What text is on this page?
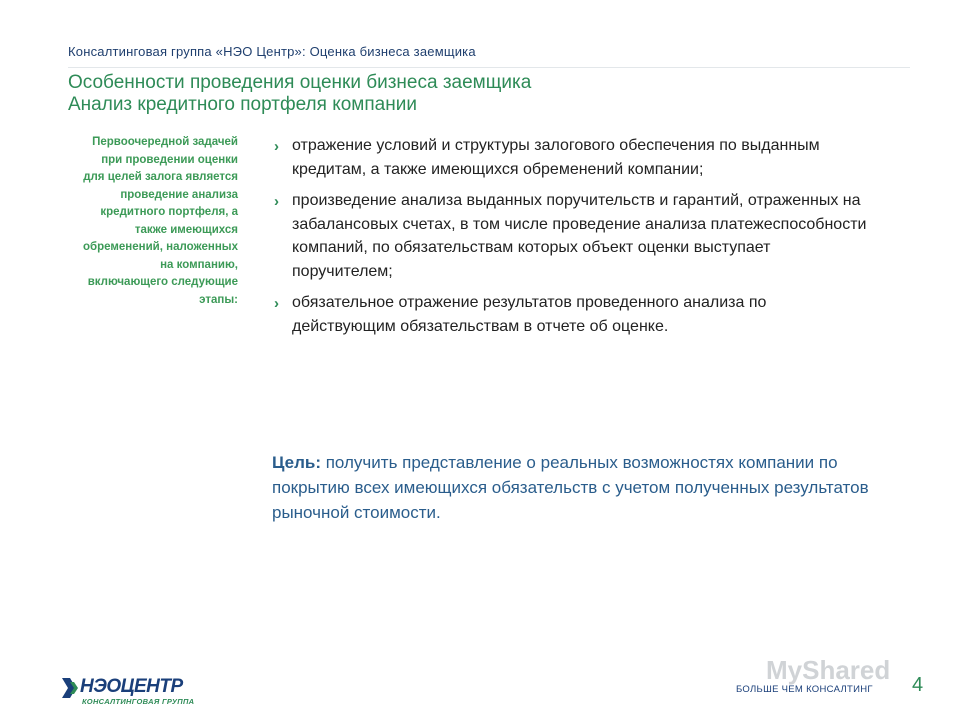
Консалтинговая группа «НЭО Центр»: Оценка бизнеса заемщика
Особенности проведения оценки бизнеса заемщика
Анализ кредитного портфеля компании
Первоочередной задачей при проведении оценки для целей залога является проведение анализа кредитного портфеля, а также имеющихся обременений, наложенных на компанию, включающего следующие этапы:
› отражение условий и структуры залогового обеспечения по выданным кредитам, а также имеющихся обременений компании;
› произведение анализа выданных поручительств и гарантий, отраженных на забалансовых счетах, в том числе проведение анализа платежеспособности компаний, по обязательствам которых объект оценки выступает поручителем;
› обязательное отражение результатов проведенного анализа по действующим обязательствам в отчете об оценке.
Цель: получить представление о реальных возможностях компании по покрытию всех имеющихся обязательств с учетом полученных результатов рыночной стоимости.
НЭОЦЕНТР
КОНСАЛТИНГОВАЯ ГРУППА
MyShared
БОЛЬШЕ ЧЕМ КОНСАЛТИНГ 4
